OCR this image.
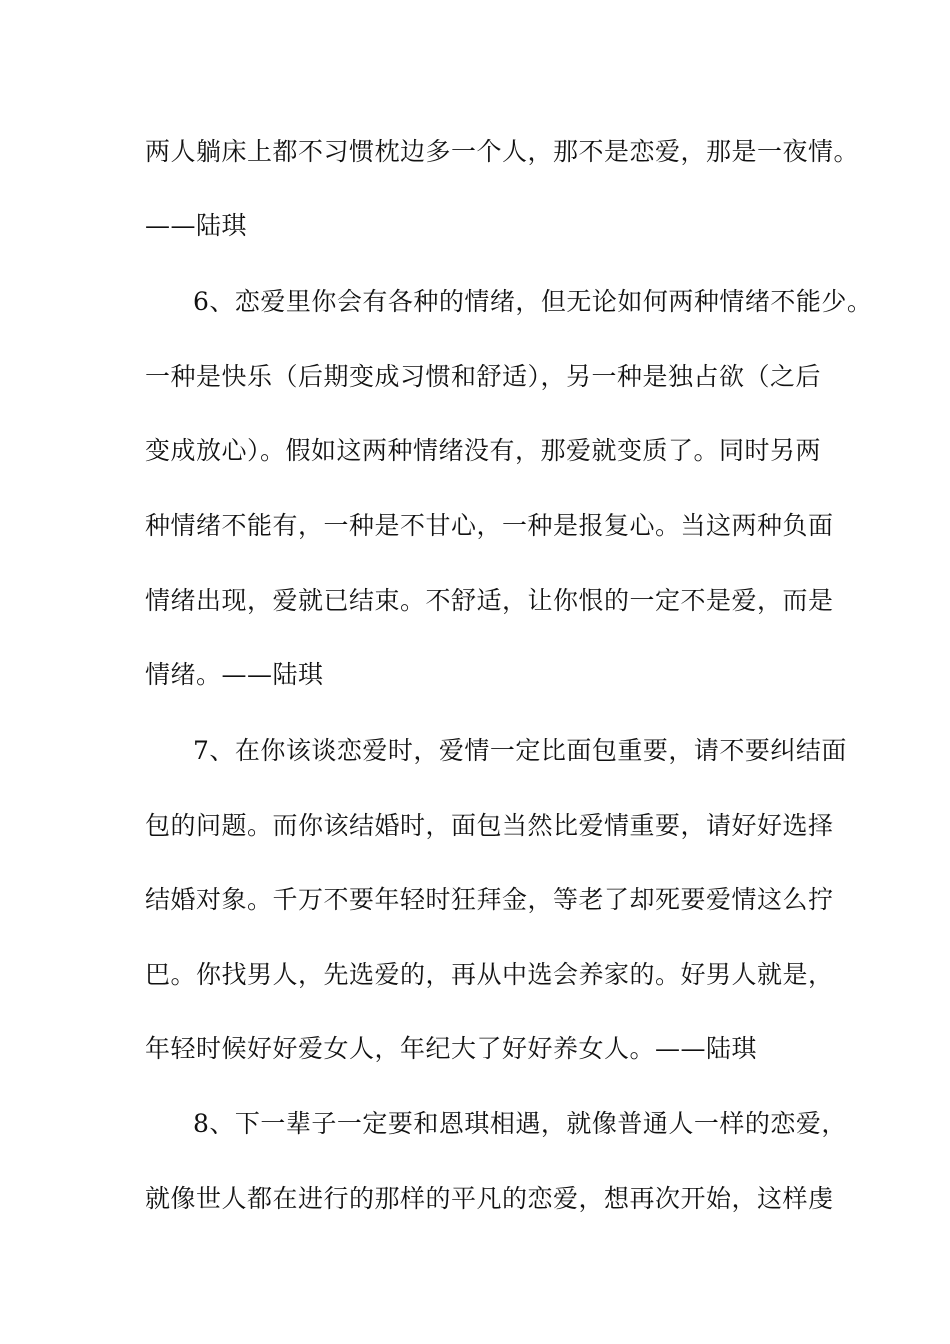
两人躺床上都不习惯枕边多一个人，那不是恋爱，那是一夜情。
——陆琪
6、恋爱里你会有各种的情绪，但无论如何两种情绪不能少。
一种是快乐（后期变成习惯和舒适），另一种是独占欲（之后
变成放心）。假如这两种情绪没有，那爱就变质了。同时另两
种情绪不能有，一种是不甘心，一种是报复心。当这两种负面
情绪出现，爱就已结束。不舒适，让你恨的一定不是爱，而是
情绪。——陆琪
7、在你该谈恋爱时，爱情一定比面包重要，请不要纠结面
包的问题。而你该结婚时，面包当然比爱情重要，请好好选择
结婚对象。千万不要年轻时狂拜金，等老了却死要爱情这么拧
巴。你找男人，先选爱的，再从中选会养家的。好男人就是，
年轻时候好好爱女人，年纪大了好好养女人。——陆琪
8、下一辈子一定要和恩琪相遇，就像普通人一样的恋爱，
就像世人都在进行的那样的平凡的恋爱，想再次开始，这样虔
